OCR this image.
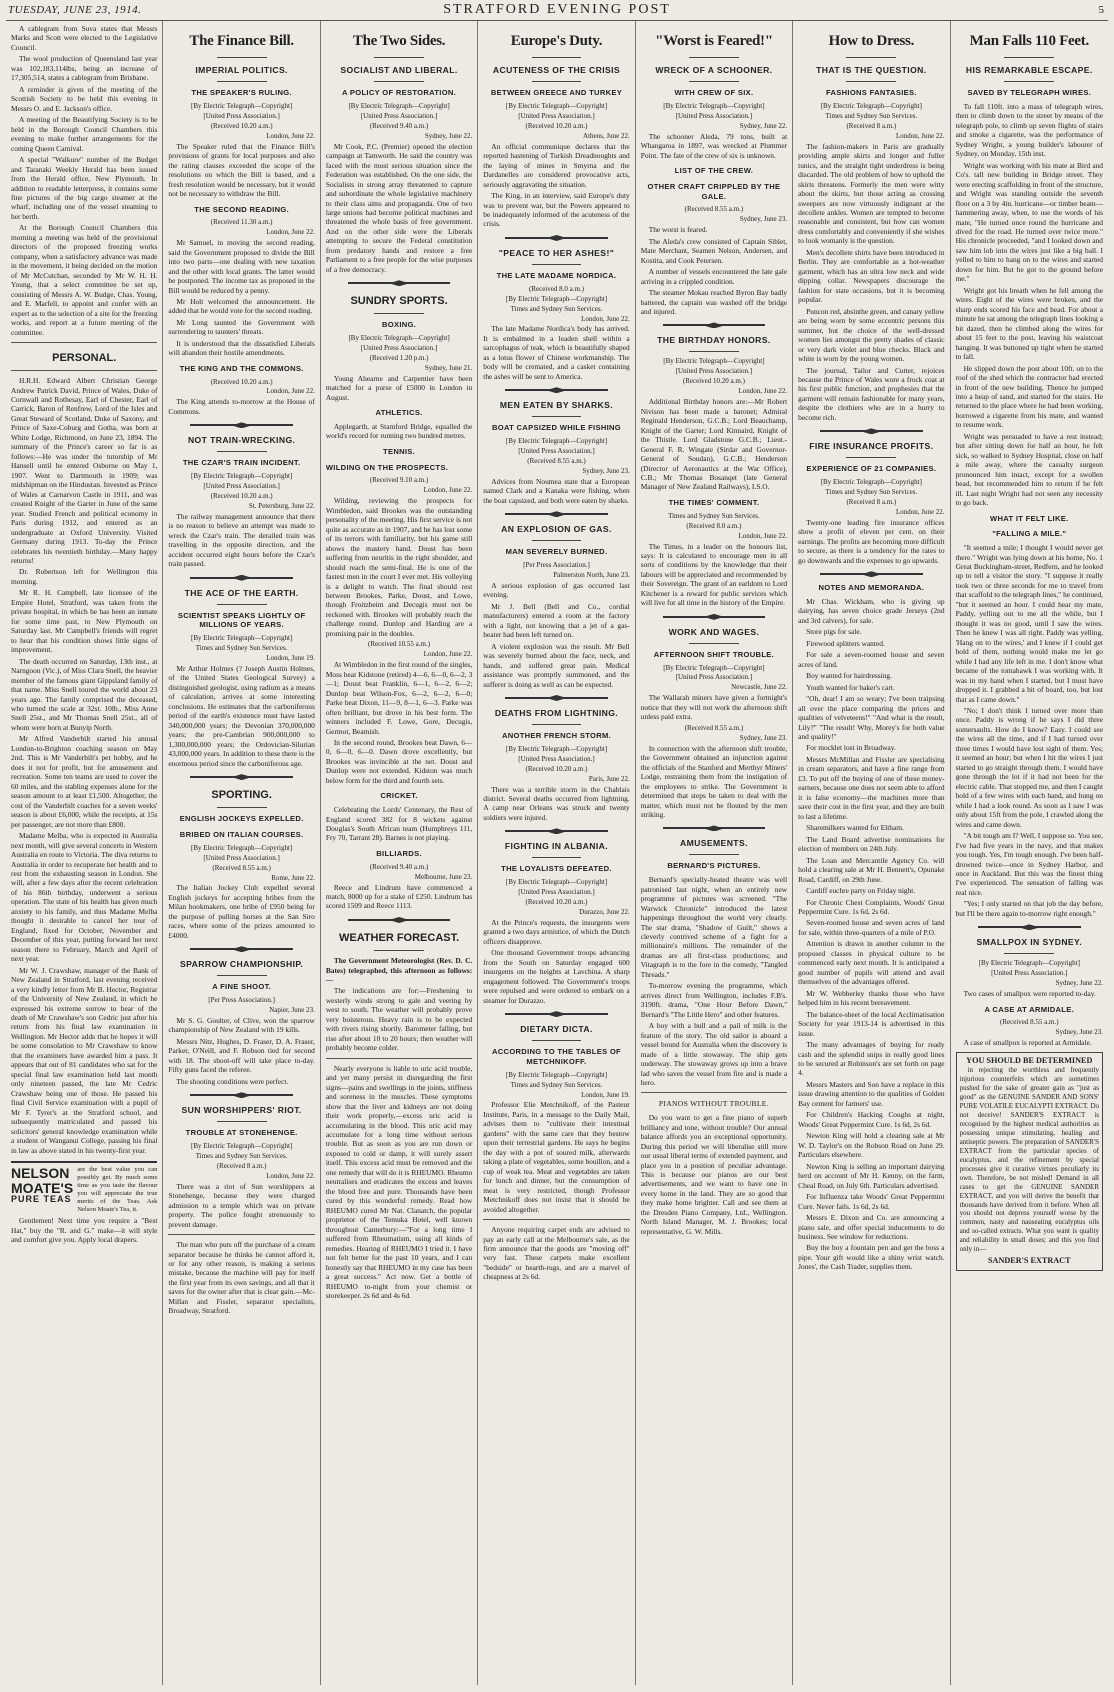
TUESDAY, JUNE 23, 1914.	STRATFORD EVENING POST	5

A cablegram from Suva states that Messrs Marks and Scott were elected to the Legislative Council.

The wool production of Queensland last year was 102,183,114lbs, being an increase of 17,305,514, states a cablegram from Brisbane.

A reminder is given of the meeting of the Scottish Society to be held this evening in Messrs O. and E. Jackson's office.

A meeting of the Beautifying Society is to be held in the Borough Council Chambers this evening to make further arrangements for the coming Queen Carnival.

A special "Walkure" number of the Budget and Taranaki Weekly Herald has been issued from the Herald office, New Plymouth. In addition to readable letterpress, it contains some fine pictures of the big cargo steamer at the wharf, including one of the vessel steaming to her berth.

At the Borough Council Chambers this morning a meeting was held of the provisional directors of the proposed freezing works company, when a satisfactory advance was made in the movement, it being decided on the motion of Mr McCutchan, seconded by Mr W. H. H. Young, that a select committee be set up, consisting of Messrs A. W. Budge, Chas. Young, and E. Marfell, to appoint and confer with an expert as to the selection of a site for the freezing works, and report at a future meeting of the committee.

PERSONAL.

H.R.H. Edward Albert Christian George Andrew Patrick David, Prince of Wales, Duke of Cornwall and Rothesay, Earl of Chester, Earl of Carrick, Baron of Renfrew, Lord of the Isles and Great Steward of Scotland, Duke of Saxony, and Prince of Saxe-Coburg and Gotha, was born at White Lodge, Richmond, on June 23, 1894. The summary of the Prince's career so far is as follows:—He was under the tutorship of Mr Hansell until he entered Osborne on May 1, 1907. Went to Dartmouth in 1909; was midshipman on the Hindustan. Invested as Prince of Wales at Carnarvon Castle in 1911, and was created Knight of the Garter in June of the same year. Studied French and political economy in Paris during 1912, and entered as an undergraduate at Oxford University. Visited Germany during 1913. To-day the Prince celebrates his twentieth birthday.—Many happy returns!

Dr. Robertson left for Wellington this morning.

Mr R. H. Campbell, late licensee of the Empire Hotel, Stratford, was taken from the private hospital, in which he has been an inmate for some time past, to New Plymouth on Saturday last. Mr Campbell's friends will regret to hear that his condition shows little signs of improvement.

The death occurred on Saturday, 13th inst., at Narngoon (Vic.), of Miss Clara Snell, the heavier member of the famous giant Gippsland family of that name. Miss Snell toured the world about 23 years ago. The family comprised the deceased, who turned the scale at 32st. 10lb., Miss Anne Snell 25st., and Mr Thomas Snell 25st., all of whom were born at Bunyip North.

Mr Alfred Vanderbilt started his annual London-to-Brighton coaching season on May 2nd. This is Mr Vanderbilt's pet hobby, and he does it not for profit, but for amusement and recreation. Some ten teams are used to cover the 60 miles, and the stabling expenses alone for the season amount to at least £1,500. Altogether, the cost of the Vanderbilt coaches for a seven weeks' season is about £6,000, while the receipts, at 15s per passenger, are not more than £800.

Madame Melba, who is expected in Australia next month, will give several concerts in Western Australia en route to Victoria. The diva returns to Australia in order to recuperate her health and to rest from the exhausting season in London. She will, after a few days after the recent celebration of his 86th birthday, underwent a serious operation. The state of his health has given much anxiety to his family, and thus Madame Melba thought it desirable to cancel her tour of England, fixed for October, November and December of this year, putting forward her next season there to February, March and April of next year.

Mr W. J. Crawshaw, manager of the Bank of New Zealand in Stratford, last evening received a very kindly letter from Mr B. Hector, Registrar of the University of New Zealand, in which he expressed his extreme sorrow to hear of the death of Mr Crawshaw's son Cedric just after his return from his final law examination in Wellington. Mr Hector adds that he hopes it will be some consolation to Mr Crawshaw to know that the examiners have awarded him a pass. It appears that out of 81 candidates who sat for the special final law examination held last month only nineteen passed, the late Mr Cedric Crawshaw being one of those. He passed his final Civil Service examination with a pupil of Mr F. Tyrer's at the Stratford school, and subsequently matriculated and passed his solicitors' general knowledge examination while a student of Wanganui College, passing his final in law as above stated in his twenty-first year.

NELSON
MOATE'S
PURE TEAS
are the best value you can possibly get. By much some time as you taste the flavour you will appreciate the true merits of the Teas. Ask Nelson Moate's Tea, it.

Gentlemen! Next time you require a "Best Hat," buy the "R. and G." make—it will style and comfort give you. Apply local drapers.

The Finance Bill.
IMPERIAL POLITICS.
THE SPEAKER'S RULING.
[By Electric Telegraph—Copyright]
[United Press Association.]
(Received 10.20 a.m.)
London, June 22.

The Speaker ruled that the Finance Bill's provisions of grants for local purposes and also the rating clauses exceeded the scope of the resolutions on which the Bill is based, and a fresh resolution would be necessary, but it would not be necessary to withdraw the Bill.

THE SECOND READING.
(Received 11.30 a.m.)
London, June 22.

Mr Samuel, in moving the second reading, said the Government proposed to divide the Bill into two parts—one dealing with new taxation and the other with local grants. The latter would be postponed. The income tax as proposed in the Bill would be reduced by a penny.

Mr Holt welcomed the announcement. He added that he would vote for the second reading.

Mr Long taunted the Government with surrendering to taunters' threats.

It is understood that the dissatisfied Liberals will abandon their hostile amendments.

THE KING AND THE COMMONS.
(Received 10.20 a.m.)
London, June 22.

The King attends to-morrow at the House of Commons.

NOT TRAIN-WRECKING.
THE CZAR'S TRAIN INCIDENT.
[By Electric Telegraph—Copyright]
[United Press Association.]
(Received 10.20 a.m.)
St. Petersburg, June 22.

The railway management announce that there is no reason to believe an attempt was made to wreck the Czar's train. The derailed train was travelling in the opposite direction, and the accident occurred eight hours before the Czar's train passed.

THE ACE OF THE EARTH.
SCIENTIST SPEAKS LIGHTLY OF MILLIONS OF YEARS.
[By Electric Telegraph—Copyright]
Times and Sydney Sun Services.
London, June 19.

Mr Arthur Holmes (? Joseph Austin Holmes, of the United States Geological Survey) a distinguished geologist, using radium as a means of calculation, arrives at some interesting conclusions. He estimates that the carboniferous period of the earth's existence must have lasted 340,000,000 years; the Devonian 370,000,000 years; the pre-Cambrian 900,000,000 to 1,300,000,000 years; the Ordovician-Silurian 43,000,000 years. In addition to these there is the enormous period since the carboniferous age.

SPORTING.
ENGLISH JOCKEYS EXPELLED.
BRIBED ON ITALIAN COURSES.
[By Electric Telegraph—Copyright]
[United Press Association.]
(Received 8.55 a.m.)
Rome, June 22.

The Italian Jockey Club expelled several English jockeys for accepting bribes from the Milan bookmakers, one bribe of £950 being for the purpose of pulling horses at the San Siro races, where some of the prizes amounted to £4000.

SPARROW CHAMPIONSHIP.
A FINE SHOOT.
[Per Press Association.]
Napier, June 23.

Mr S. G. Goulter, of Clive, won the sparrow championship of New Zealand with 19 kills.

Messrs Nitz, Hughes, D. Fraser, D. A. Fraser, Parker, O'Neill, and F. Robson tied for second with 18. The shoot-off will take place to-day. Fifty guns faced the referee.

The shooting conditions were perfect.

SUN WORSHIPPERS' RIOT.
TROUBLE AT STONEHENGE.
[By Electric Telegraph—Copyright]
Times and Sydney Sun Services.
(Received 8 a.m.)
London, June 22.

There was a riot of Sun worshippers at Stonehenge, because they were charged admission to a temple which was on private property. The police fought strenuously to prevent damage.

The man who puts off the purchase of a cream separator because he thinks he cannot afford it, or for any other reason, is making a serious mistake, because the machine will pay for itself the first year from its own savings, and all that it saves for the owner after that is clear gain.—Mc-Millan and Fissler, separator specialists, Broadway, Stratford.

The Two Sides.
SOCIALIST AND LIBERAL.
A POLICY OF RESTORATION.
[By Electric Telegraph—Copyright]
[United Press Association.]
(Received 9.40 a.m.)
Sydney, June 22.

Mr Cook, P.C. (Premier) opened the election campaign at Tamworth. He said the country was faced with the most serious situation since the Federation was established. On the one side, the Socialists in strong array threatened to capture and subordinate the whole legislative machinery to their class aims and propaganda. One of two large unions had become political machines and threatened the whole basis of free government. And on the other side were the Liberals attempting to secure the Federal constitution from predatory hands and restore a free Parliament to a free people for the wise purposes of a free democracy.

SUNDRY SPORTS.
BOXING.
[By Electric Telegraph—Copyright]
[United Press Association.]
(Received 1.20 p.m.)
Sydney, June 21.

Young Ahearne and Carpentier have been matched for a purse of £5000 in London in August.

ATHLETICS.

Applegarth, at Stamford Bridge, equalled the world's record for running two hundred metres.

TENNIS.
WILDING ON THE PROSPECTS.
(Received 9.10 a.m.)
London, June 22.

Wilding, reviewing the prospects for Wimbledon, said Brookes was the outstanding personality of the meeting. His first service is not quite as accurate as in 1907, and he has lost some of its terrors with familiarity, but his game still shows the mastery hand. Doust has been suffering from neuritis in the right shoulder, and should reach the semi-final. He is one of the fastest men in the court I ever met. His volleying is a delight to watch. The final should rest between Brookes, Parke, Doust, and Lowe, though Froitzheim and Decugis must not be reckoned with. Brookes will probably reach the challenge round. Dunlop and Harding are a promising pair in the doubles.

(Received 10.55 a.m.)
London, June 22.

At Wimbledon in the first round of the singles, Moss beat Kidstone (retired) 4—6, 6—0, 6—2, 3—1; Doust beat Franklin, 6—1, 6—2, 6—2; Dunlop beat Wilson-Fox, 6—2, 6—2, 6—0; Parke beat Dixon, 11—9, 8—1, 6—3. Parke was often brilliant, but drove in his best form. The winners included F. Lowe, Gore, Decugis, Germot, Beamish.

In the second round, Brookes beat Dawn, 6—0, 6—0, 6—0. Dawn drove excellently, but Brookes was invincible at the net. Doust and Dunlop were not extended. Kidston was much below form for the third and fourth sets.

CRICKET.

Celebrating the Lords' Centenary, the Rest of England scored 382 for 8 wickets against Douglas's South African team (Humphreys 111, Fry 70, Tarrant 28). Barnes is not playing.

BILLIARDS.
(Received 9.40 a.m.)
Melbourne, June 23.

Reece and Lindrum have commenced a match, 8000 up for a stake of £250. Lindrum has scored 1509 and Reece 1113.

WEATHER FORECAST.

The Government Meteorologist (Rev. D. C. Bates) telegraphed, this afternoon as follows:—

The indications are for:—Freshening to westerly winds strong to gale and veering by west to south. The weather will probably prove very boisterous. Heavy rain is to be expected with rivers rising shortly. Barometer falling, but rise after about 10 to 20 hours; then weather will probably become colder.

Nearly everyone is liable to uric acid trouble, and yet many persist in disregarding the first signs—pains and swellings in the joints, stiffness and soreness in the muscles. These symptoms show that the liver and kidneys are not doing their work properly,—excess uric acid is accumulating in the blood. This uric acid may accumulate for a long time without serious trouble. But as soon as you are run down or exposed to cold or damp, it will surely assert itself. This excess acid must be removed and the one remedy that will do it is RHEUMO. Rheumo neutralises and eradicates the excess and leaves the blood free and pure. Thousands have been cured by this wonderful remedy. Read how RHEUMO cured Mr Nat. Clanatch, the popular proprietor of the Temuka Hotel, well known throughout Canterbury:—"For a long time I suffered from Rheumatism, using all kinds of remedies. Hearing of RHEUMO I tried it. I have not felt better for the past 10 years, and I can honestly say that RHEUMO in my case has been a great success." Act now. Get a bottle of RHEUMO to-night from your chemist or storekeeper. 2s 6d and 4s 6d.

Europe's Duty.
ACUTENESS OF THE CRISIS
BETWEEN GREECE AND TURKEY
[By Electric Telegraph—Copyright]
[United Press Association.]
(Received 10.20 a.m.)
Athens, June 22.

An official communique declares that the reported hastening of Turkish Dreadnoughts and the laying of mines in Smyrna and the Dardanelles are considered provocative acts, seriously aggravating the situation.

The King, in an interview, said Europe's duty was to prevent war, but the Powers appeared to be inadequately informed of the acuteness of the crisis.

"PEACE TO HER ASHES!"
THE LATE MADAME NORDICA.
(Received 8.0 a.m.)
[By Electric Telegraph—Copyright]
Times and Sydney Sun Services.
London, June 22.

The late Madame Nordica's body has arrived. It is embalmed in a leaden shell within a sarcophagus of teak, which is beautifully shaped as a lotus flower of Chinese workmanship. The body will be cremated, and a casket containing the ashes will be sent to America.

MEN EATEN BY SHARKS.
BOAT CAPSIZED WHILE FISHING
[By Electric Telegraph—Copyright]
[United Press Association.]
(Received 8.55 a.m.)
Sydney, June 23.

Advices from Noumea state that a European named Clark and a Kanaka were fishing, when the boat capsized, and both were eaten by sharks.

AN EXPLOSION OF GAS.
MAN SEVERELY BURNED.
[Per Press Association.]
Palmerston North, June 23.

A serious explosion of gas occurred last evening.

Mr J. Bell (Bell and Co., cordial manufacturers) entered a room at the factory with a light, not knowing that a jet of a gas-heater had been left turned on.

A violent explosion was the result. Mr Bell was severely burned about the face, neck, and hands, and suffered great pain. Medical assistance was promptly summoned, and the sufferer is doing as well as can be expected.

DEATHS FROM LIGHTNING.
ANOTHER FRENCH STORM.
[By Electric Telegraph—Copyright]
[United Press Association.]
(Received 10.20 a.m.)
Paris, June 22.

There was a terrible storm in the Chablais district. Several deaths occurred from lightning. A camp near Orleans was struck and twenty soldiers were injured.

FIGHTING IN ALBANIA.
THE LOYALISTS DEFEATED.
[By Electric Telegraph—Copyright]
[United Press Association.]
(Received 10.20 a.m.)
Durazzo, June 22.

At the Prince's requests, the insurgents were granted a two days armistice, of which the Dutch officers disapprove.

One thousand Government troops advancing from the South on Saturday engaged 600 insurgents on the heights at Lavchina. A sharp engagement followed. The Government's troops were repulsed and were ordered to embark on a steamer for Durazzo.

DIETARY DICTA.
ACCORDING TO THE TABLES OF METCHNIKOFF.
[By Electric Telegraph—Copyright]
Times and Sydney Sun Services.
London, June 19.

Professor Elie Metchnikoff, of the Pasteur Institute, Paris, in a message to the Daily Mail, advises them to "cultivate their intestinal gardens" with the same care that they bestow upon their terrestrial gardens. He says he begins the day with a pot of soured milk, afterwards taking a plate of vegetables, some bouillon, and a cup of weak tea. Meat and vegetables are taken for lunch and dinner, but the consumption of meat is very restricted, though Professor Metchnikoff does not insist that it should be avoided altogether.

Anyone requiring carpet ends are advised to pay an early call at the Melbourne's sale, as the firm announce that the goods are "moving off" very fast. These carpets make excellent "bedside" or hearth-rugs, and are a marvel of cheapness at 2s 6d.

"Worst is Feared!"
WRECK OF A SCHOONER.
WITH CREW OF SIX.
[By Electric Telegraph—Copyright]
[United Press Association.]
Sydney, June 22.

The schooner Aleda, 79 tons, built at Whangaroa in 1897, was wrecked at Plummer Point. The fate of the crew of six is unknown.

LIST OF THE CREW.
OTHER CRAFT CRIPPLED BY THE GALE.
(Received 8.55 a.m.)
Sydney, June 23.

The worst is feared.

The Aleda's crew consisted of Captain Siblet, Mate Merchant, Seamen Nelson, Andersen, and Kostita, and Cook Petersen.

A number of vessels encountered the late gale arriving in a crippled condition.

The steamer Mokau reached Byron Bay badly battered, the captain was washed off the bridge and injured.

THE BIRTHDAY HONORS.
[By Electric Telegraph—Copyright]
[United Press Association.]
(Received 10.20 a.m.)
London, June 22.

Additional Birthday honors are:—Mr Robert Nivison has been made a baronet; Admiral Reginald Henderson, G.C.B.; Lord Beauchamp, Knight of the Garter; Lord Kinnaird, Knight of the Thistle. Lord Gladstone G.C.B.; Lieut.-General F. R. Wingate (Sirdar and Governor-General of Soudan), G.C.B.; Henderson (Director of Aeronautics at the War Office), C.B.; Mr Thomas Bosanqet (late General Manager of New Zealand Railways), I.S.O.

THE TIMES' COMMENT.
Times and Sydney Sun Services.
(Received 8.0 a.m.)
London, June 22.

The Times, in a leader on the honours list, says: It is calculated to encourage men in all sorts of conditions by the knowledge that their labours will be appreciated and recommended by their Sovereign. The grant of an earldom to Lord Kitchener is a reward for public services which will live for all time in the history of the Empire.

WORK AND WAGES.
AFTERNOON SHIFT TROUBLE.
[By Electric Telegraph—Copyright]
[United Press Association.]
Newcastle, June 22.

The Wallarah miners have given a fortnight's notice that they will not work the afternoon shift unless paid extra.

(Received 8.55 a.m.)
Sydney, June 23.

In connection with the afternoon shift trouble, the Government obtained an injunction against the officials of the Stanford and Merthyr Miners' Lodge, restraining them from the instigation of the employees to strike. The Government is determined that steps be taken to deal with the matter, which must not be flouted by the men striking.

AMUSEMENTS.
BERNARD'S PICTURES.

Bernard's specially-heated theatre was well patronised last night, when an entirely new programme of pictures was screened. "The Warwick Chronicle" introduced the latest happenings throughout the world very clearly. The star drama, "Shadow of Guilt," shows a cleverly contrived scheme of a fight for a millionaire's millions. The remainder of the dramas are all first-class productions; and Vitagraph is to the fore in the comedy, "Tangled Threads."

To-morrow evening the programme, which arrives direct from Wellington, includes F.B's. 3190ft. drama, "One Hour Before Dawn," Bernard's "The Little Hero" and other features.

A boy with a bull and a pail of milk is the feature of the story. The old sailor is aboard a vessel bound for Australia when the discovery is made of a little stowaway. The ship gets underway. The stowaway grows up into a brave lad who saves the vessel from fire and is made a hero.

PIANOS WITHOUT TROUBLE.

Do you want to get a fine piano of superb brilliancy and tone, without trouble? Our annual balance affords you an exceptional opportunity. During this period we will liberalise still more our usual liberal terms of extended payment, and place you in a position of peculiar advantage. This is because our pianos are our best advertisements, and we want to have one in every home in the land. They are so good that they make home brighter. Call and see them at the Dresden Piano Company, Ltd., Wellington. North Island Manager, M. J. Brookes; local representative, G. W. Mills.

How to Dress.
THAT IS THE QUESTION.
FASHIONS FANTASIES.
[By Electric Telegraph—Copyright]
Times and Sydney Sun Services.
(Received 8 a.m.)
London, June 22.

The fashion-makers in Paris are gradually providing ample skirts and longer and fuller tunics, and the straight tight underdress is being discarded. The old problem of how to uphold the skirts threatens. Formerly the men were witty about the skirts, but those acting as crossing sweepers are now virtuously indignant at the decollete ankles. Women are tempted to become reasonable and consistent, but how can women dress comfortably and conveniently if she wishes to look womanly is the question.

Men's decollete shirts have been introduced in Berlin. They are comfortable as a hot-weather garment, which has an ultra low neck and wide dipping collar. Newspapers discourage the fashion for state occasions, but it is becoming popular.

Puncon red, absinthe green, and canary yellow are being worn by some eccentric persons this summer, but the choice of the well-dressed women lies amongst the pretty shades of classic or very dark violet and blue checks. Black and white is worn by the young women.

The journal, Tailor and Cutter, rejoices because the Prince of Wales wore a frock coat at his first public function, and prophesies that the garment will remain fashionable for many years, despite the clothiers who are in a hurry to become rich.

FIRE INSURANCE PROFITS.
EXPERIENCE OF 21 COMPANIES.
[By Electric Telegraph—Copyright]
Times and Sydney Sun Services.
(Received 8 a.m.)
London, June 22.

Twenty-one leading fire insurance offices show a profit of eleven per cent. on their earnings. The profits are becoming more difficult to secure, as there is a tendency for the rates to go downwards and the expenses to go upwards.

NOTES AND MEMORANDA.

Mr Chas. Wickham, who is giving up dairying, has seven choice grade Jerseys (2nd and 3rd calvers), for sale.

Store pigs for sale.

Firewood splitters wanted.

For sale a seven-roomed house and seven acres of land.

Boy wanted for hairdressing.

Youth wanted for baker's cart.

"Oh, dear! I am so weary; I've been traipsing all over the place comparing the prices and qualities of velveteens!" "And what is the result, Lily?" "The result! Why, Morey's for both value and quality!"

For mocklet lost in Broadway.

Messrs McMillan and Fissler are specialising in cream separators, and have a fine range from £3. To put off the buying of one of these money-earners, because one does not seem able to afford it is false economy—the machines more than save their cost in the first year, and they are built to last a lifetime.

Sharemilkers wanted for Eltham.

The Land Board advertise nominations for election of members on 24th July.

The Loan and Mercantile Agency Co. will hold a clearing sale at Mr H. Bennett's, Opunake Road, Cardiff, on 29th June.

Cardiff euchre party on Friday night.

For Chronic Chest Complaints, Woods' Great Peppermint Cure. 1s 6d, 2s 6d.

Seven-roomed house and seven acres of land for sale, within three-quarters of a mile of P.O.

Attention is drawn in another column to the proposed classes in physical culture to be commenced early next month. It is anticipated a good number of pupils will attend and avail themselves of the advantages offered.

Mr W. Webberley thanks those who have helped him in his recent bereavement.

The balance-sheet of the local Acclimatisation Society for year 1913-14 is advertised in this issue.

The many advantages of buying for ready cash and the splendid snips in really good lines to be secured at Robinson's are set forth on page 4.

Messrs Masters and Son have a replace in this issue drawing attention to the qualities of Golden Bay cement for farmers' use.

For Children's Hacking Coughs at night, Woods' Great Peppermint Cure. 1s 6d, 2s 6d.

Newton King will hold a clearing sale at Mr W. D. Taylor's on the Robson Road on June 29. Particulars elsewhere.

Newton King is selling an important dairying herd on account of Mr H. Kenny, on the farm, Cheal Road, on July 6th. Particulars advertised.

For Influenza take Woods' Great Peppermint Cure. Never fails. 1s 6d, 2s 6d.

Messrs E. Dixon and Co. are announcing a piano sale, and offer special inducements to do business. See window for reductions.

Buy the boy a fountain pen and get the boss a pipe. Your gift would like a shiny wrist watch. Jones', the Cash Trader, supplies them.

Man Falls 110 Feet.
HIS REMARKABLE ESCAPE.
SAVED BY TELEGRAPH WIRES.

To fall 110ft. into a mass of telegraph wires, then to climb down to the street by means of the telegraph pole, to climb up seven flights of stairs and smoke a cigarette, was the performance of Sydney Wright, a young builder's labourer of Sydney, on Monday, 15th inst.

Wright was working with his mate at Bird and Co's. tall new building in Bridge street. They were erecting scaffolding in front of the structure, and Wright was standing outside the seventh floor on a 3 by 4in. hurricane—or timber beam—hammering away, when, to use the words of his mate, "He turned once round the hurricane and dived for the road. He turned over twice more." His chronicle proceeded, "and I looked down and saw him lob into the wires just like a big ball. I yelled to him to hang on to the wires and started down for him. But he got to the ground before me."

Wright got his breath when he fell among the wires. Eight of the wires were broken, and the sharp ends scored his face and head. For about a minute he sat among the telegraph lines looking a bit dazed, then he climbed along the wires for about 15 feet to the post, leaving his waistcoat hanging. It was buttoned up tight when he started to fall.

He slipped down the post about 10ft. on to the roof of the shed which the contractor had erected in front of the new building. Thence he jumped into a heap of sand, and started for the stairs. He returned to the place where he had been working, borrowed a cigarette from his mate, and wanted to resume work.

Wright was persuaded to have a rest instead; but after sitting down for half an hour, he felt sick, so walked to Sydney Hospital, close on half a mile away, where the casualty surgeon pronounced him intact, except for a swollen head, but recommended him to return if he felt ill. Last night Wright had not seen any necessity to go back.

WHAT IT FELT LIKE.
"FALLING A MILE."

"It seemed a mile; I thought I would never get there." Wright was lying down at his home, No. 1 Great Buckingham-street, Redfern, and he looked up to tell a visitor the story. "I suppose it really took two or three seconds for me to travel from that scaffold to the telegraph lines," he continued, "but it seemed an hour. I could hear my mate, Paddy, yelling out to me all the while, but I thought it was no good, until I saw the wires. Then he knew I was all right. Paddy was yelling, 'Hang on to the wires,' and I knew if I could get hold of them, nothing would make me let go while I had any life left in me. I don't know what became of the tomahawk I was working with. It was in my hand when I started, but I must have dropped it. I grabbed a bit of board, too, but lost that as I came down."

"No; I don't think I turned over more than once. Paddy is wrong if he says I did three somersaults. How do I know? Easy. I could see the wires all the time, and if I had turned over three times I would have lost sight of them. Yes; it seemed an hour; but when I hit the wires I just started to go straight through them. I would have gone through the lot if it had not been for the electric cable. That stopped me, and then I caught hold of a few wires with each hand, and hung on while I had a look round. As soon as I saw I was only about 15ft from the pole, I crawled along the wires and came down.

"A bit tough am I? Well, I suppose so. You see, I've had five years in the navy, and that makes you tough. Yes, I'm tough enough. I've been half-drowned twice—once in Sydney Harbor, and once in Auckland. But this was the finest thing I've experienced. The sensation of falling was real nice.

"Yes; I only started on that job the day before, but I'll be there again to-morrow right enough."

SMALLPOX IN SYDNEY.
[By Electric Telegraph—Copyright]
[United Press Association.]
Sydney, June 22.

Two cases of smallpox were reported to-day.

A CASE AT ARMIDALE.
(Received 8.55 a.m.)
Sydney, June 23.

A case of smallpox is reported at Armidale.

YOU SHOULD BE DETERMINED

in rejecting the worthless and frequently injurious counterfeits which are sometimes pushed for the sake of greater gain as "just as good" as the GENUINE SANDER AND SONS' PURE VOLATILE EUCALYPTI EXTRACT. Do not deceive! SANDER'S EXTRACT is recognised by the highest medical authorities as possessing unique stimulating, healing and antiseptic powers. The preparation of SANDER'S EXTRACT from the particular species of eucalyptus, and the refinement by special processes give it curative virtues peculiarly its own. Therefore, be not misled! Demand in all cases to get the GENUINE SANDER EXTRACT, and you will derive the benefit that thousands have derived from it before. When all you should not depress yourself worse by the common, nasty and nauseating eucalyptus oils and so-called extracts. What you want is quality and reliability in small doses; and this you find only in—

SANDER'S EXTRACT
